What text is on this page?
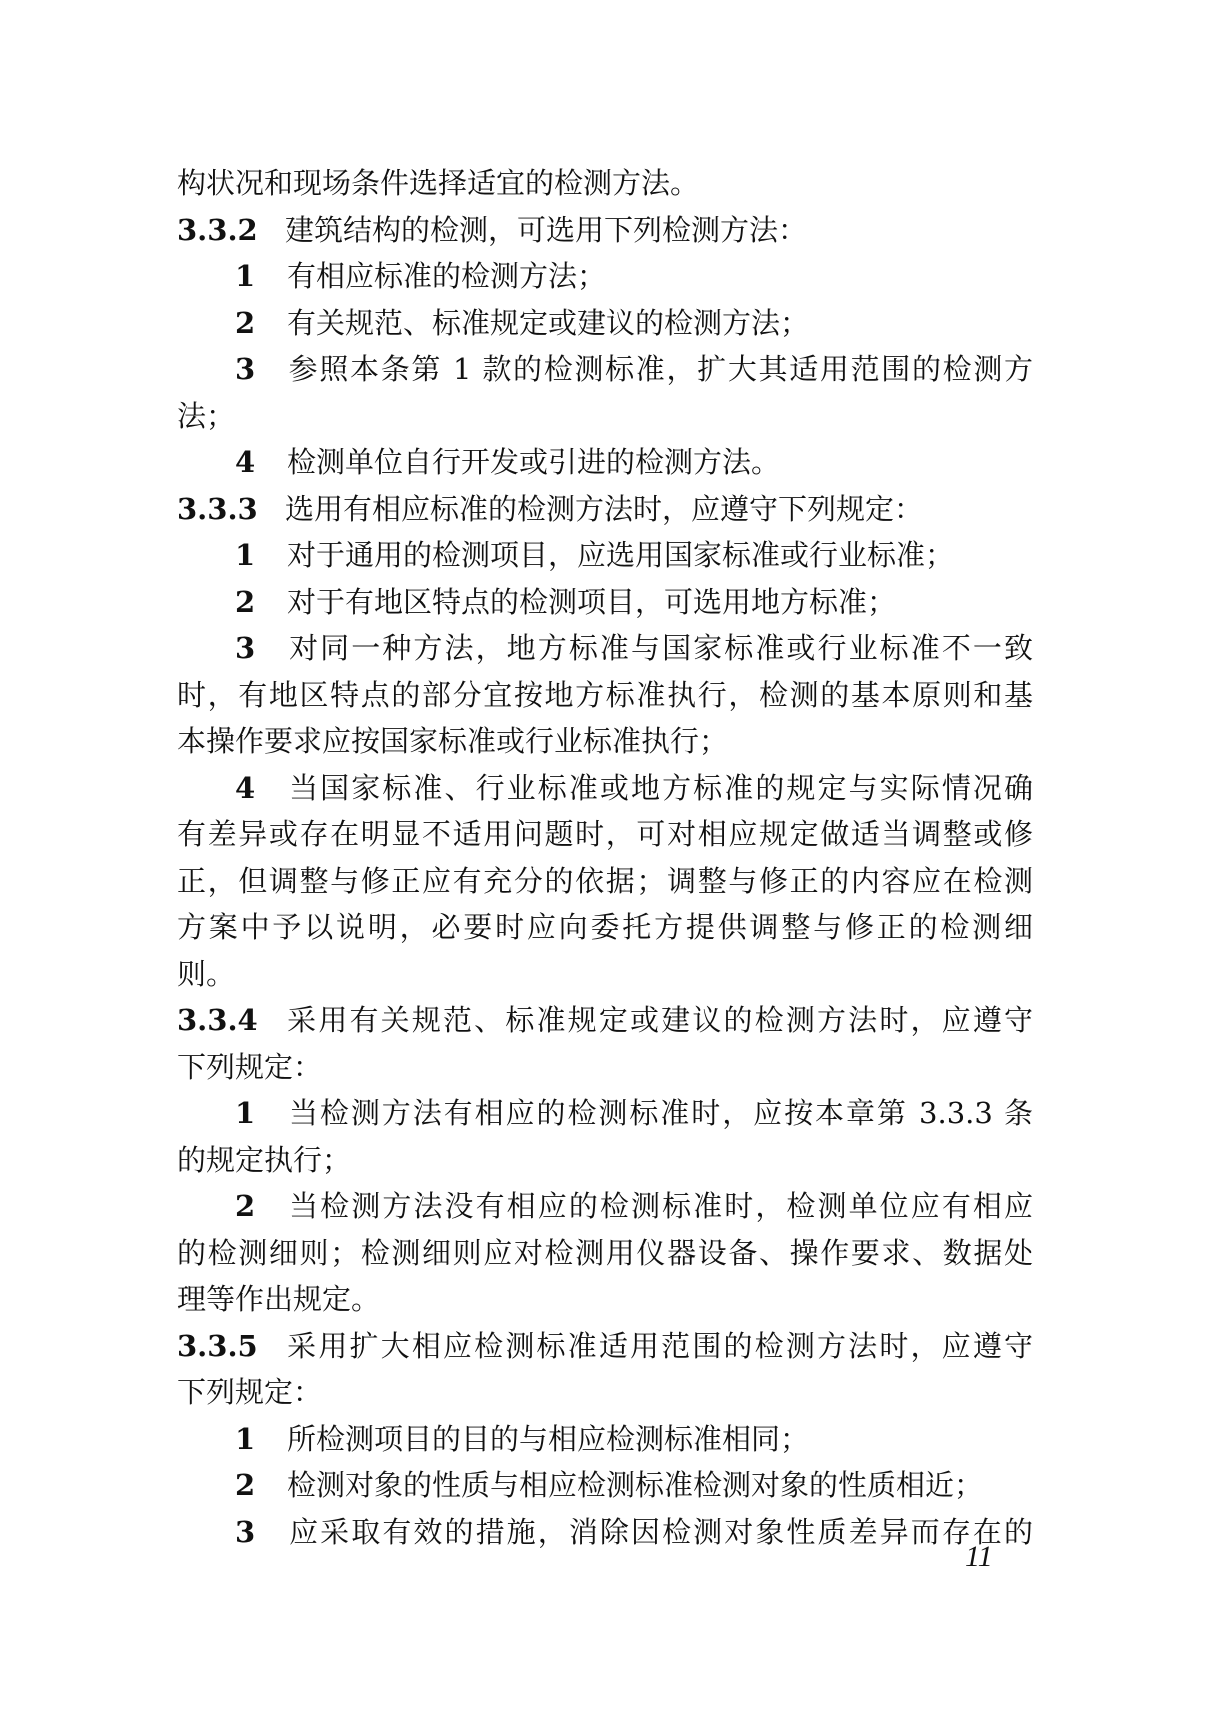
构状况和现场条件选择适宜的检测方法。
3.3.2 建筑结构的检测，可选用下列检测方法：
1 有相应标准的检测方法；
2 有关规范、标准规定或建议的检测方法；
3 参照本条第 1 款的检测标准，扩大其适用范围的检测方
法；
4 检测单位自行开发或引进的检测方法。
3.3.3 选用有相应标准的检测方法时，应遵守下列规定：
1 对于通用的检测项目，应选用国家标准或行业标准；
2 对于有地区特点的检测项目，可选用地方标准；
3 对同一种方法，地方标准与国家标准或行业标准不一致
时，有地区特点的部分宜按地方标准执行，检测的基本原则和基
本操作要求应按国家标准或行业标准执行；
4 当国家标准、行业标准或地方标准的规定与实际情况确
有差异或存在明显不适用问题时，可对相应规定做适当调整或修
正，但调整与修正应有充分的依据；调整与修正的内容应在检测
方案中予以说明，必要时应向委托方提供调整与修正的检测细
则。
3.3.4 采用有关规范、标准规定或建议的检测方法时，应遵守
下列规定：
1 当检测方法有相应的检测标准时，应按本章第 3.3.3 条
的规定执行；
2 当检测方法没有相应的检测标准时，检测单位应有相应
的检测细则；检测细则应对检测用仪器设备、操作要求、数据处
理等作出规定。
3.3.5 采用扩大相应检测标准适用范围的检测方法时，应遵守
下列规定：
1 所检测项目的目的与相应检测标准相同；
2 检测对象的性质与相应检测标准检测对象的性质相近；
3 应采取有效的措施，消除因检测对象性质差异而存在的
11
